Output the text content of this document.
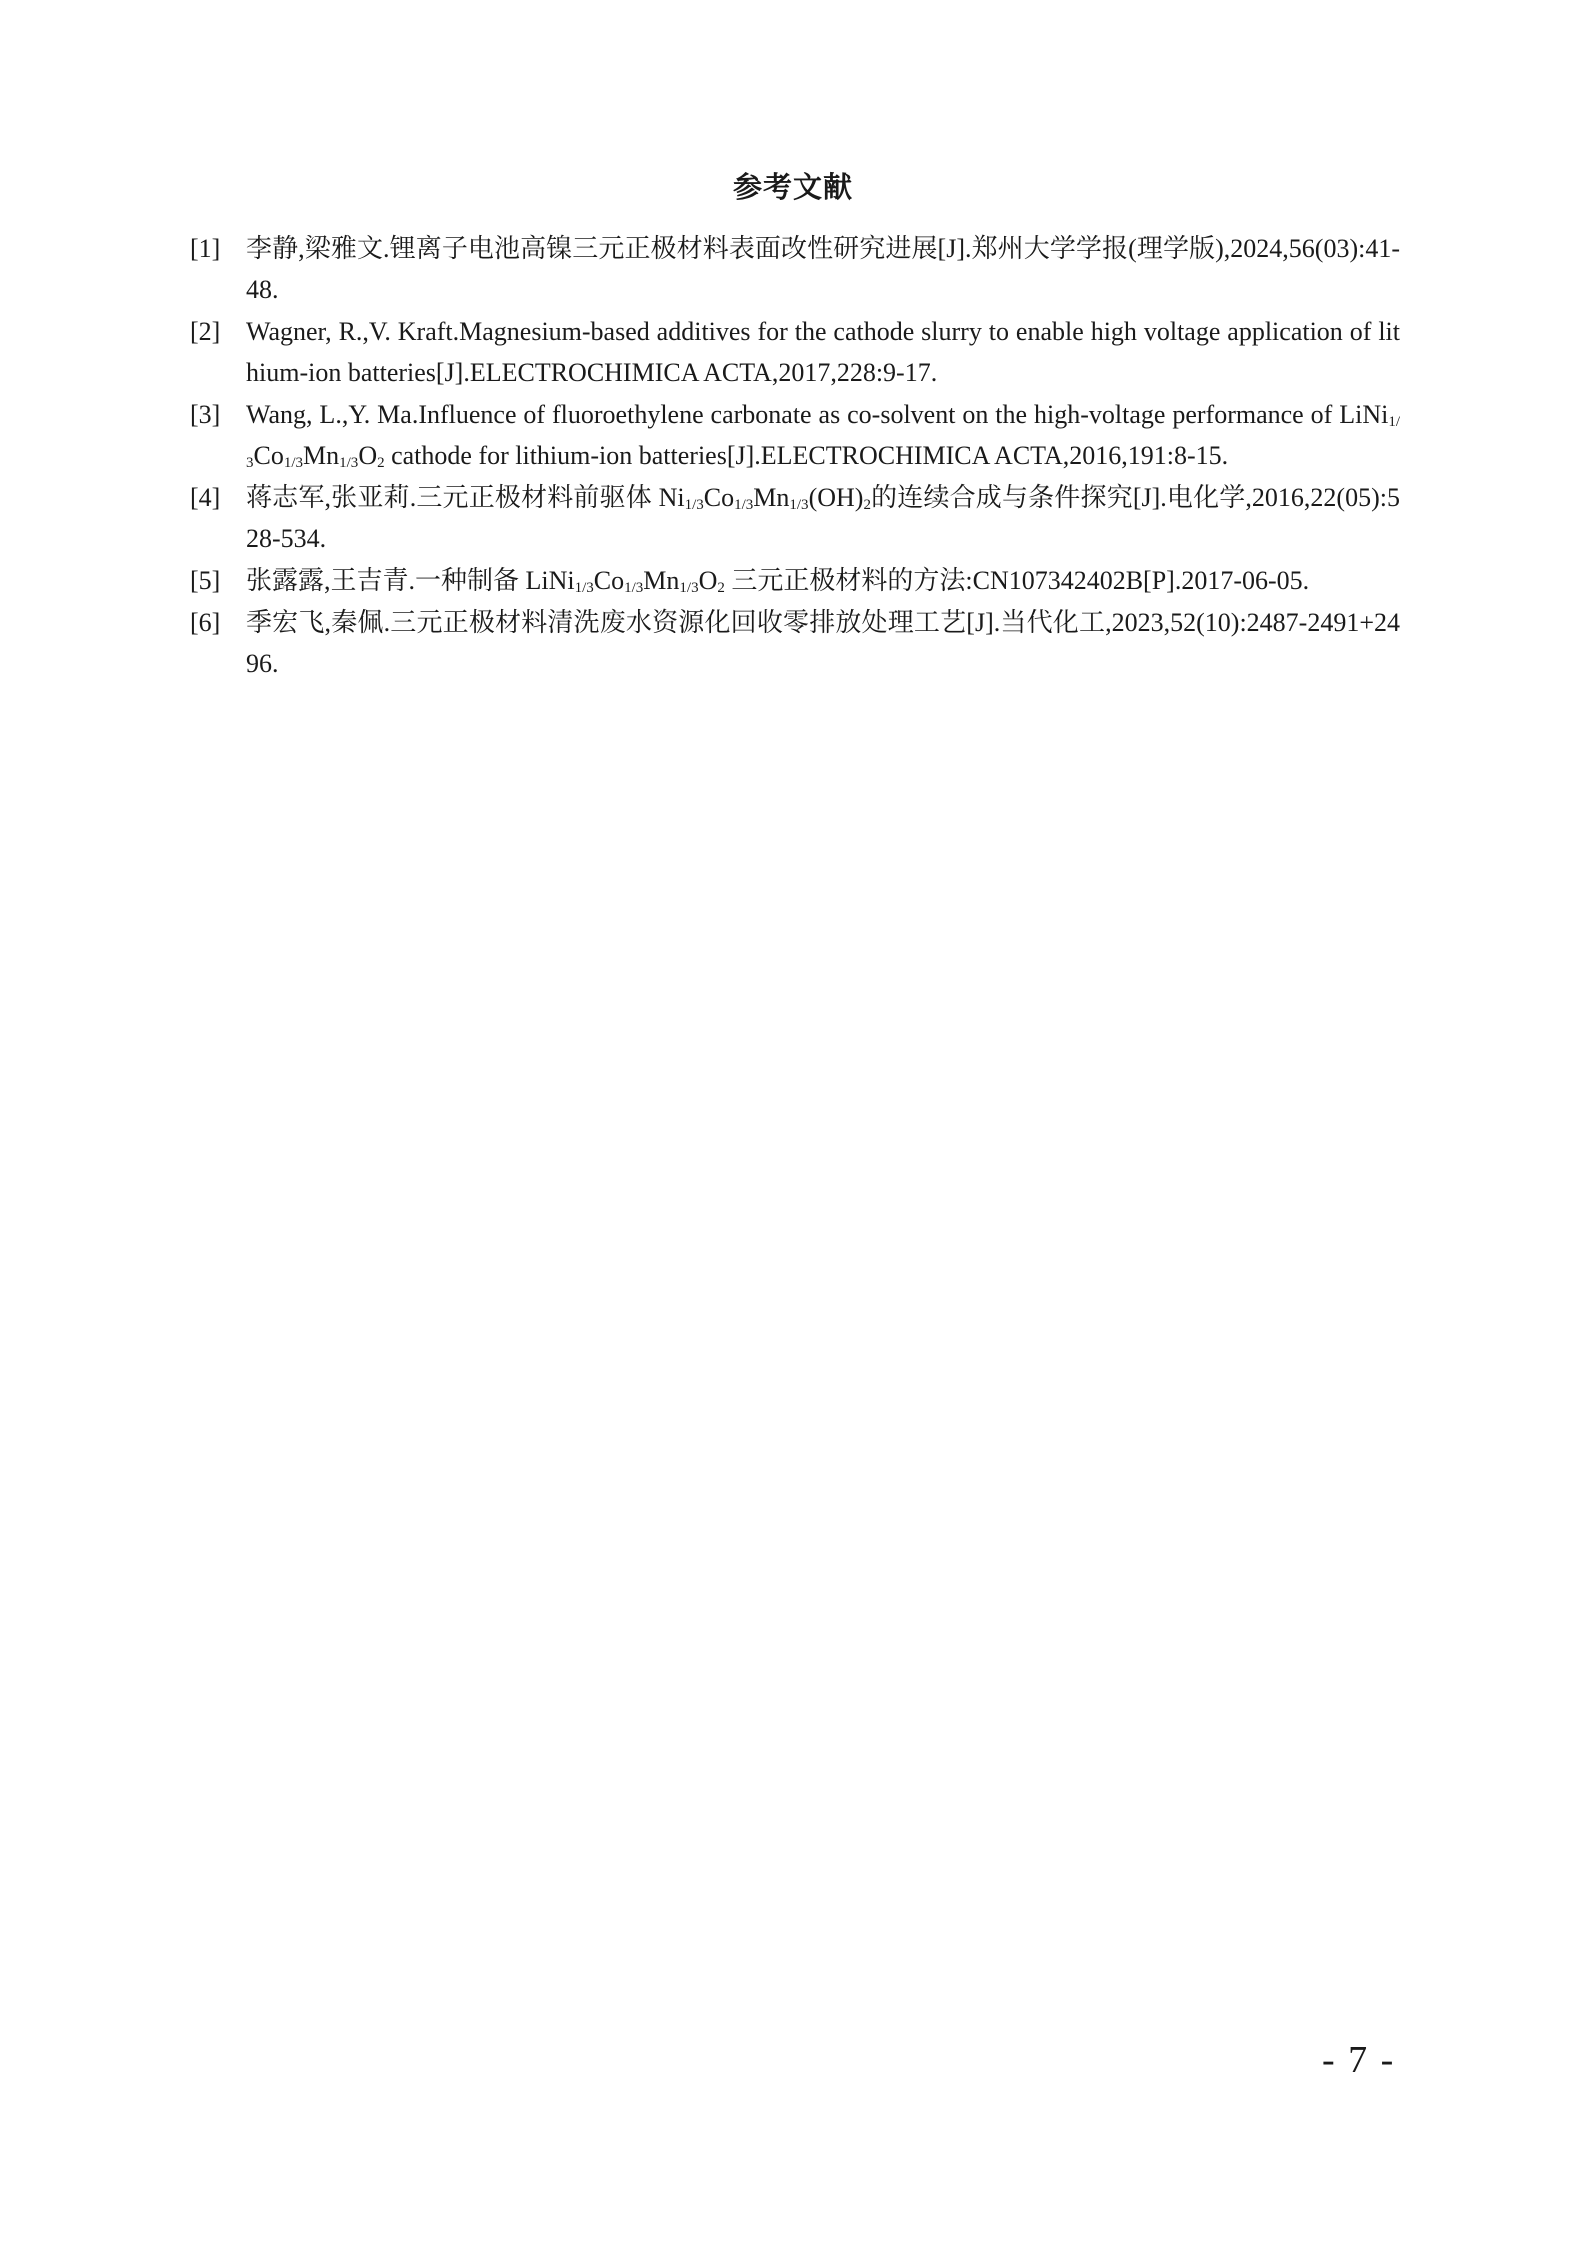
参考文献
[1] 李静,梁雅文.锂离子电池高镍三元正极材料表面改性研究进展[J].郑州大学学报(理学版),2024,56(03):41-48.
[2] Wagner, R.,V. Kraft.Magnesium-based additives for the cathode slurry to enable high voltage application of lithium-ion batteries[J].ELECTROCHIMICA ACTA,2017,228:9-17.
[3] Wang, L.,Y. Ma.Influence of fluoroethylene carbonate as co-solvent on the high-voltage performance of $LiNi_{1/3}Co_{1/3}Mn_{1/3}O_2$ cathode for lithium-ion batteries[J].ELECTROCHIMICA ACTA,2016,191:8-15.
[4] 蒋志军,张亚莉.三元正极材料前驱体 $Ni_{1/3}Co_{1/3}Mn_{1/3}(OH)_2$的连续合成与条件探究[J].电化学,2016,22(05):528-534.
[5] 张露露,王吉青.一种制备 $LiNi_{1/3}Co_{1/3}Mn_{1/3}O_2$ 三元正极材料的方法:CN107342402B[P].2017-06-05.
[6] 季宏飞,秦佩.三元正极材料清洗废水资源化回收零排放处理工艺[J].当代化工,2023,52(10):2487-2491+2496.
- 7 -
